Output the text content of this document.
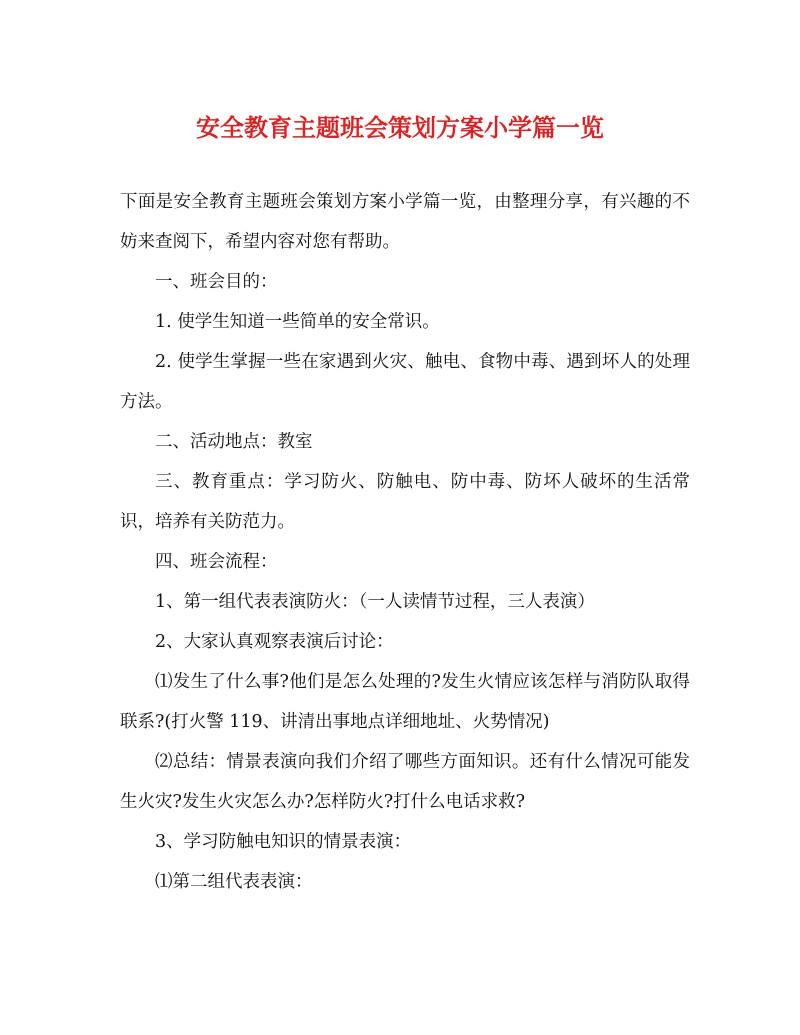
安全教育主题班会策划方案小学篇一览

下面是安全教育主题班会策划方案小学篇一览，由整理分享，有兴趣的不妨来查阅下，希望内容对您有帮助。

一、班会目的：

1. 使学生知道一些简单的安全常识。

2. 使学生掌握一些在家遇到火灾、触电、食物中毒、遇到坏人的处理方法。

二、活动地点：教室

三、教育重点：学习防火、防触电、防中毒、防坏人破坏的生活常识，培养有关防范力。

四、班会流程：

1、第一组代表表演防火：（一人读情节过程，三人表演）

2、大家认真观察表演后讨论：

⑴发生了什么事?他们是怎么处理的?发生火情应该怎样与消防队取得联系?(打火警 119、讲清出事地点详细地址、火势情况)

⑵总结：情景表演向我们介绍了哪些方面知识。还有什么情况可能发生火灾?发生火灾怎么办?怎样防火?打什么电话求救?

3、学习防触电知识的情景表演：

⑴第二组代表表演：
